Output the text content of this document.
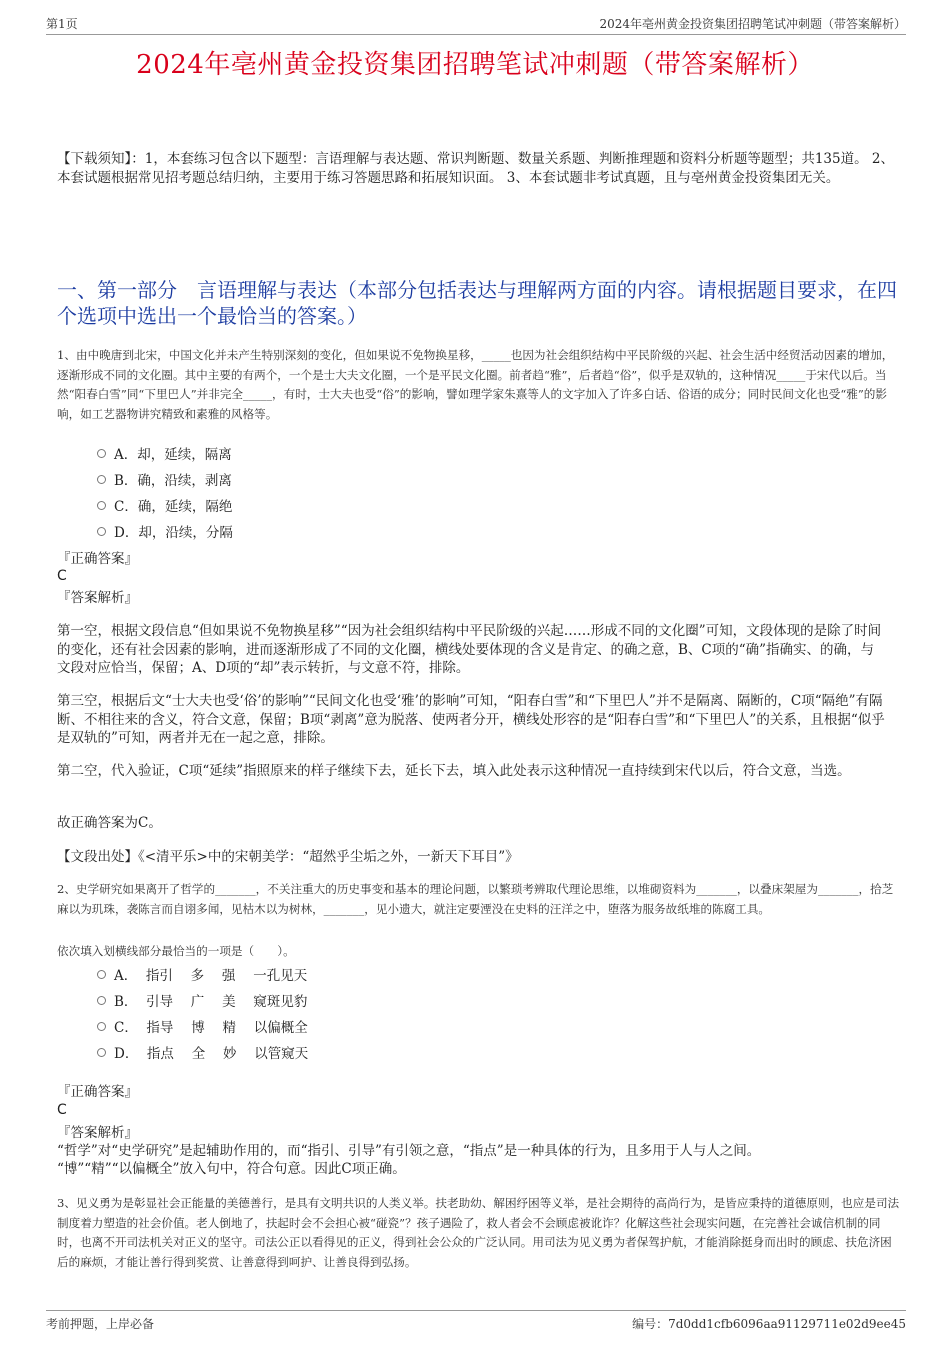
第1页	2024年亳州黄金投资集团招聘笔试冲刺题（带答案解析）
2024年亳州黄金投资集团招聘笔试冲刺题（带答案解析）
【下载须知】：1，本套练习包含以下题型：言语理解与表达题、常识判断题、数量关系题、判断推理题和资料分析题等题型；共135道。 2、本套试题根据常见招考题总结归纳，主要用于练习答题思路和拓展知识面。 3、本套试题非考试真题，且与亳州黄金投资集团无关。
一、第一部分　言语理解与表达（本部分包括表达与理解两方面的内容。请根据题目要求，在四个选项中选出一个最恰当的答案。）
1、由中晚唐到北宋，中国文化并未产生特别深刻的变化，但如果说不免物换星移，_____也因为社会组织结构中平民阶级的兴起、社会生活中经贸活动因素的增加，逐渐形成不同的文化圈。其中主要的有两个，一个是士大夫文化圈，一个是平民文化圈。前者趋“雅”，后者趋“俗”，似乎是双轨的，这种情况_____于宋代以后。当然“阳春白雪”同“下里巴人”并非完全_____，有时，士大夫也受“俗”的影响，譬如理学家朱熹等人的文字加入了许多白话、俗语的成分；同时民间文化也受“雅”的影响，如工艺器物讲究精致和素雅的风格等。
A．却，延续，隔离
B．确，沿续，剥离
C．确，延续，隔绝
D．却，沿续，分隔
『正确答案』
C
『答案解析』
第一空，根据文段信息“但如果说不免物换星移”“因为社会组织结构中平民阶级的兴起……形成不同的文化圈”可知，文段体现的是除了时间的变化，还有社会因素的影响，进而逐渐形成了不同的文化圈，横线处要体现的含义是肯定、的确之意，B、C项的“确”指确实、的确，与文段对应恰当，保留；A、D项的“却”表示转折，与文意不符，排除。
第三空，根据后文“士大夫也受‘俗’的影响”“民间文化也受‘雅’的影响”可知，“阳春白雪”和“下里巴人”并不是隔离、隔断的，C项“隔绝”有隔断、不相往来的含义，符合文意，保留；B项“剥离”意为脱落、使两者分开，横线处形容的是“阳春白雪”和“下里巴人”的关系，且根据“似乎是双轨的”可知，两者并无在一起之意，排除。
第二空，代入验证，C项“延续”指照原来的样子继续下去，延长下去，填入此处表示这种情况一直持续到宋代以后，符合文意，当选。
故正确答案为C。
【文段出处】《<清平乐>中的宋朝美学：“超然乎尘垢之外，一新天下耳目”》
2、史学研究如果离开了哲学的_______，不关注重大的历史事变和基本的理论问题，以繁琐考辨取代理论思维，以堆砌资料为_______，以叠床架屋为_______，拾芝麻以为玑珠，袭陈言而自诩多闻，见枯木以为树林，_______，见小遗大，就注定要湮没在史料的汪洋之中，堕落为服务故纸堆的陈腐工具。
依次填入划横线部分最恰当的一项是（　　）。
A．  指引　 多　 强　 一孔见天
B．  引导　 广　 美　 窥斑见豹
C．  指导　 博　 精　 以偏概全
D．  指点　 全　 妙　 以管窥天
『正确答案』
C
『答案解析』
“哲学”对“史学研究”是起辅助作用的，而“指引、引导”有引领之意，“指点”是一种具体的行为，且多用于人与人之间。
“博”“精”“以偏概全”放入句中，符合句意。因此C项正确。
3、见义勇为是彰显社会正能量的美德善行，是具有文明共识的人类义举。扶老助幼、解困纾困等义举，是社会期待的高尚行为，是皆应秉持的道德原则，也应是司法制度着力塑造的社会价值。老人倒地了，扶起时会不会担心被“碰瓷”？孩子遇险了，救人者会不会顾虑被讹诈？化解这些社会现实问题，在完善社会诚信机制的同时，也离不开司法机关对正义的坚守。司法公正以看得见的正义，得到社会公众的广泛认同。用司法为见义勇为者保驾护航，才能消除挺身而出时的顾虑、扶危济困后的麻烦，才能让善行得到奖赏、让善意得到呵护、让善良得到弘扬。
考前押题，上岸必备	编号：7d0dd1cfb6096aa91129711e02d9ee45
